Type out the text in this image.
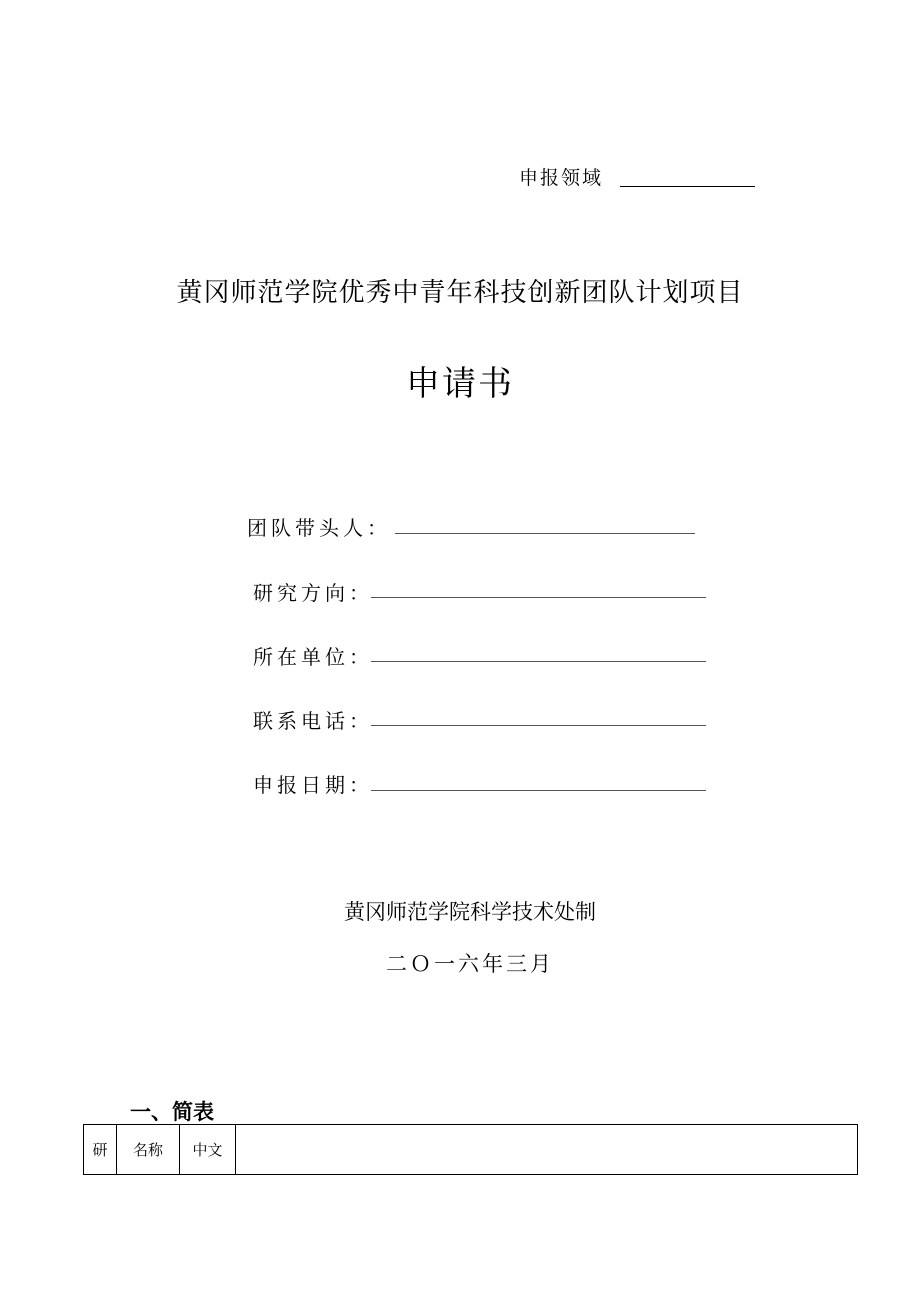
申报领域
黄冈师范学院优秀中青年科技创新团队计划项目
申请书
团队带头人：
研究方向：
所在单位：
联系电话：
申报日期：
黄冈师范学院科学技术处制
二Ｏ一六年三月
一、简表
研	名称	中文	
